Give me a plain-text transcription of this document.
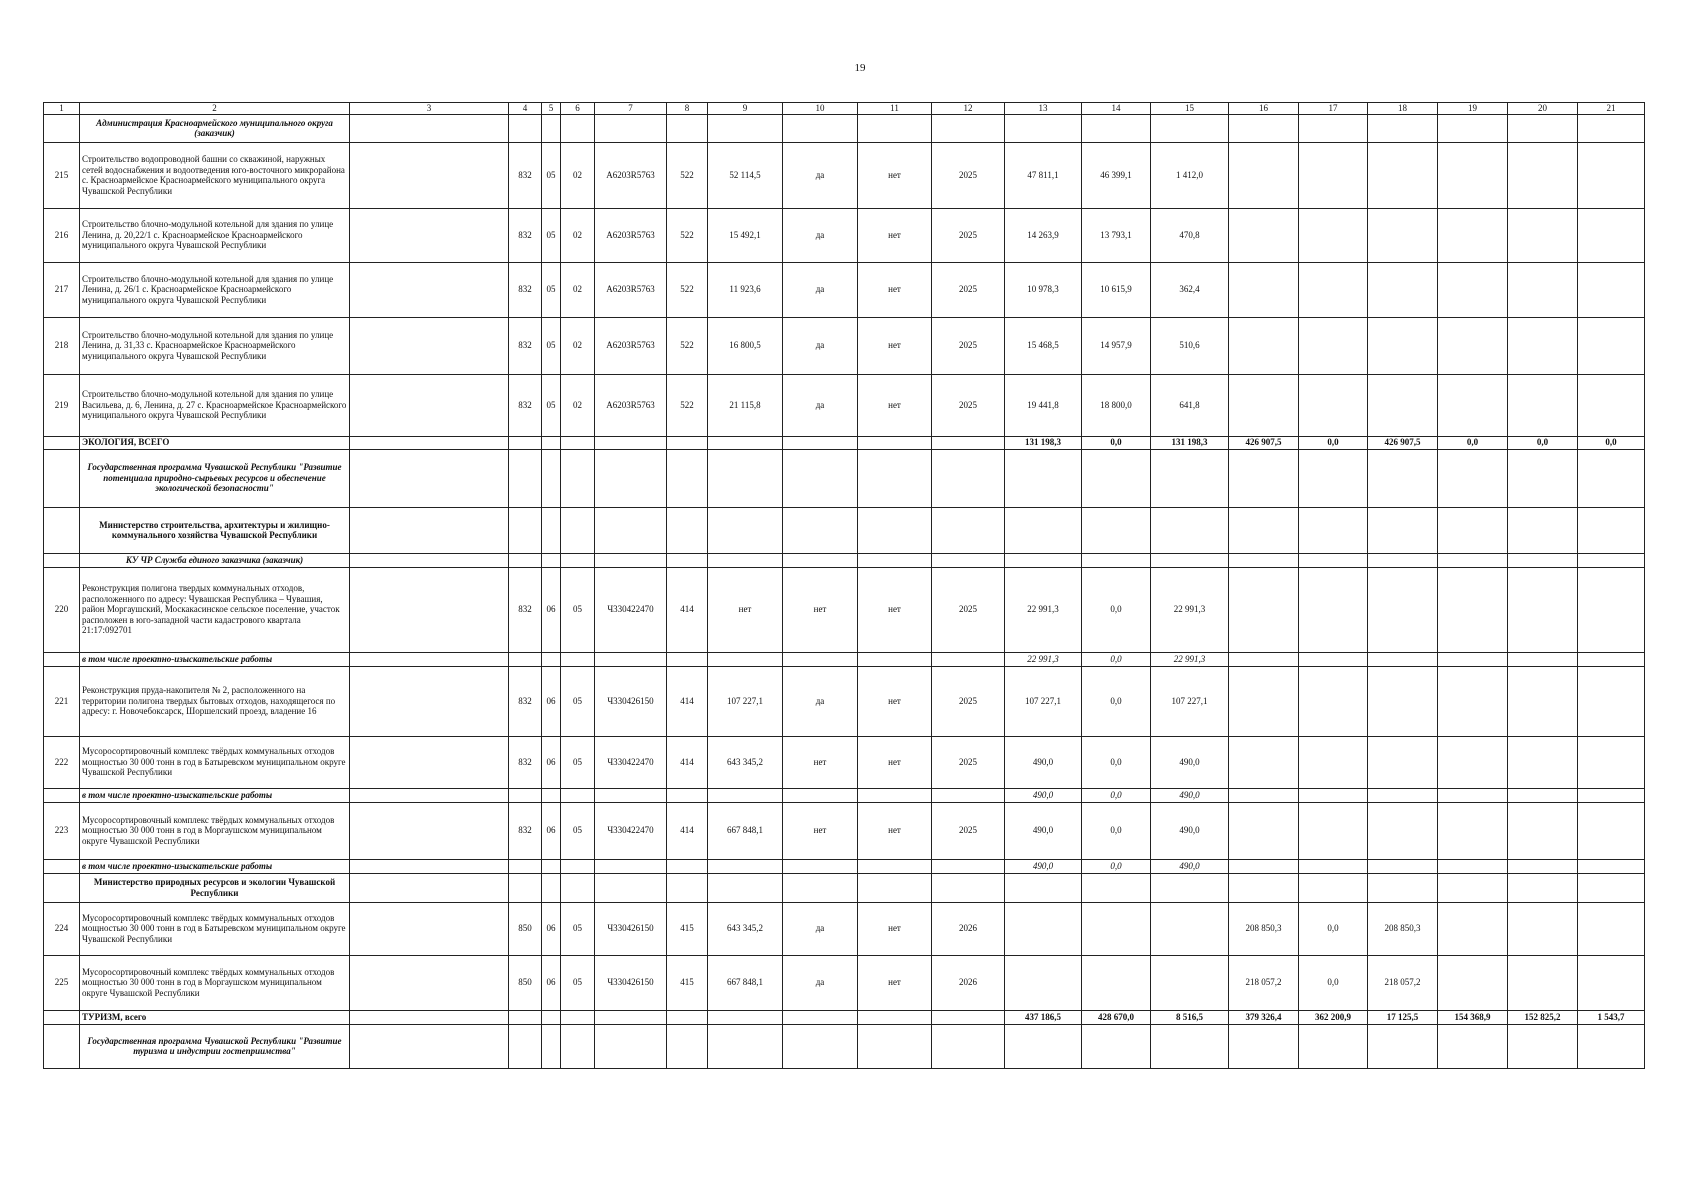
19
1	2	3	4	5	6	7	8	9	10	11	12	13	14	15	16	17	18	19	20	21
	Администрация Красноармейского муниципального округа (заказчик)																			
215	Строительство водопроводной башни со скважиной, наружных сетей водоснабжения и водоотведения юго-восточного микрорайона с. Красноармейское Красноармейского муниципального округа Чувашской Республики		832	05	02	А6203R5763	522	52 114,5	да	нет	2025	47 811,1	46 399,1	1 412,0						
216	Строительство блочно-модульной котельной для здания по улице Ленина, д. 20,22/1 с. Красноармейское Красноармейского муниципального округа Чувашской Республики		832	05	02	А6203R5763	522	15 492,1	да	нет	2025	14 263,9	13 793,1	470,8						
217	Строительство блочно-модульной котельной для здания по улице Ленина, д. 26/1 с. Красноармейское Красноармейского муниципального округа Чувашской Республики		832	05	02	А6203R5763	522	11 923,6	да	нет	2025	10 978,3	10 615,9	362,4						
218	Строительство блочно-модульной котельной для здания по улице Ленина, д. 31,33 с. Красноармейское Красноармейского муниципального округа Чувашской Республики		832	05	02	А6203R5763	522	16 800,5	да	нет	2025	15 468,5	14 957,9	510,6						
219	Строительство блочно-модульной котельной для здания по улице Васильева, д. 6, Ленина, д. 27 с. Красноармейское Красноармейского муниципального округа Чувашской Республики		832	05	02	А6203R5763	522	21 115,8	да	нет	2025	19 441,8	18 800,0	641,8						
	ЭКОЛОГИЯ, ВСЕГО											131 198,3	0,0	131 198,3	426 907,5	0,0	426 907,5	0,0	0,0	0,0
	Государственная программа Чувашской Республики "Развитие потенциала природно-сырьевых ресурсов и обеспечение экологической безопасности"																			
	Министерство строительства, архитектуры и жилищно-коммунального хозяйства Чувашской Республики																			
	КУ ЧР Служба единого заказчика (заказчик)																			
220	Реконструкция полигона твердых коммунальных отходов, расположенного по адресу: Чувашская Республика – Чувашия, район Моргаушский, Москакасинское сельское поселение, участок расположен в юго-западной части кадастрового квартала 21:17:092701		832	06	05	Ч330422470	414	нет	нет	нет	2025	22 991,3	0,0	22 991,3						
	в том числе проектно-изыскательские работы											22 991,3	0,0	22 991,3						
221	Реконструкция пруда-накопителя № 2, расположенного на территории полигона твердых бытовых отходов, находящегося по адресу: г. Новочебоксарск, Шоршелский проезд, владение 16		832	06	05	Ч330426150	414	107 227,1	да	нет	2025	107 227,1	0,0	107 227,1						
222	Мусоросортировочный комплекс твёрдых коммунальных отходов мощностью 30 000 тонн в год в Батыревском муниципальном округе Чувашской Республики		832	06	05	Ч330422470	414	643 345,2	нет	нет	2025	490,0	0,0	490,0						
	в том числе проектно-изыскательские работы											490,0	0,0	490,0						
223	Мусоросортировочный комплекс твёрдых коммунальных отходов мощностью 30 000 тонн в год в Моргаушском муниципальном округе Чувашской Республики		832	06	05	Ч330422470	414	667 848,1	нет	нет	2025	490,0	0,0	490,0						
	в том числе проектно-изыскательские работы											490,0	0,0	490,0						
	Министерство природных ресурсов и экологии Чувашской Республики																			
224	Мусоросортировочный комплекс твёрдых коммунальных отходов мощностью 30 000 тонн в год в Батыревском муниципальном округе Чувашской Республики		850	06	05	Ч330426150	415	643 345,2	да	нет	2026				208 850,3	0,0	208 850,3			
225	Мусоросортировочный комплекс твёрдых коммунальных отходов мощностью 30 000 тонн в год в Моргаушском муниципальном округе Чувашской Республики		850	06	05	Ч330426150	415	667 848,1	да	нет	2026				218 057,2	0,0	218 057,2			
	ТУРИЗМ, всего											437 186,5	428 670,0	8 516,5	379 326,4	362 200,9	17 125,5	154 368,9	152 825,2	1 543,7
	Государственная программа Чувашской Республики "Развитие туризма и индустрии гостеприимства"																			
